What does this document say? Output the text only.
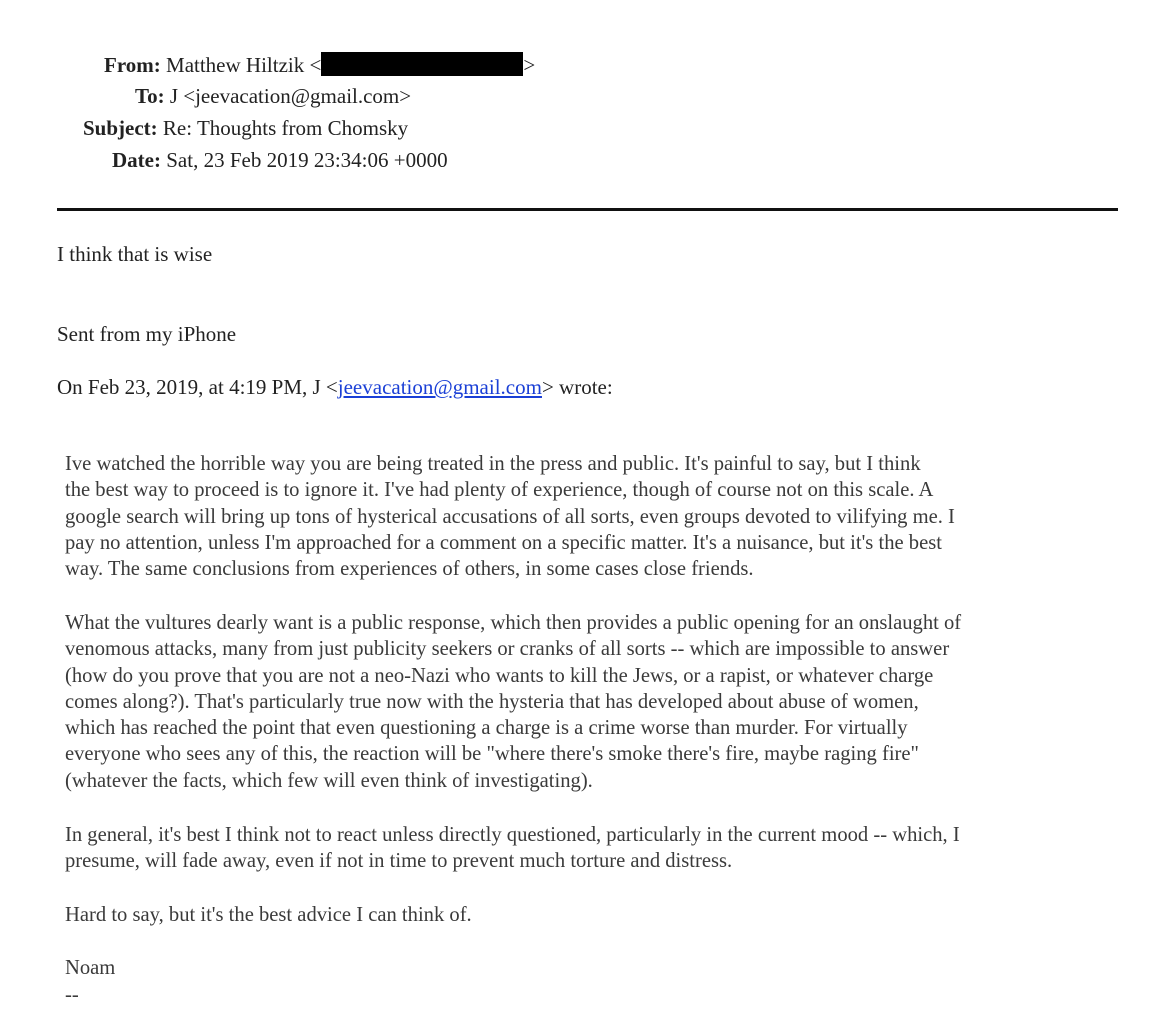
From: Matthew Hiltzik <	>
To: J <jeevacation@gmail.com>
Subject: Re: Thoughts from Chomsky
Date: Sat, 23 Feb 2019 23:34:06 +0000
I think that is wise
Sent from my iPhone
On Feb 23, 2019, at 4:19 PM, J <jeevacation@gmail.com> wrote:
Ive watched the horrible way you are being treated in the press and public. It's painful to say, but I think
the best way to proceed is to ignore it. I've had plenty of experience, though of course not on this scale. A
google search will bring up tons of hysterical accusations of all sorts, even groups devoted to vilifying me. I
pay no attention, unless I'm approached for a comment on a specific matter. It's a nuisance, but it's the best
way. The same conclusions from experiences of others, in some cases close friends.
What the vultures dearly want is a public response, which then provides a public opening for an onslaught of
venomous attacks, many from just publicity seekers or cranks of all sorts -- which are impossible to answer
(how do you prove that you are not a neo-Nazi who wants to kill the Jews, or a rapist, or whatever charge
comes along?). That's particularly true now with the hysteria that has developed about abuse of women,
which has reached the point that even questioning a charge is a crime worse than murder. For virtually
everyone who sees any of this, the reaction will be "where there's smoke there's fire, maybe raging fire"
(whatever the facts, which few will even think of investigating).
In general, it's best I think not to react unless directly questioned, particularly in the current mood -- which, I
presume, will fade away, even if not in time to prevent much torture and distress.
Hard to say, but it's the best advice I can think of.
Noam
--
